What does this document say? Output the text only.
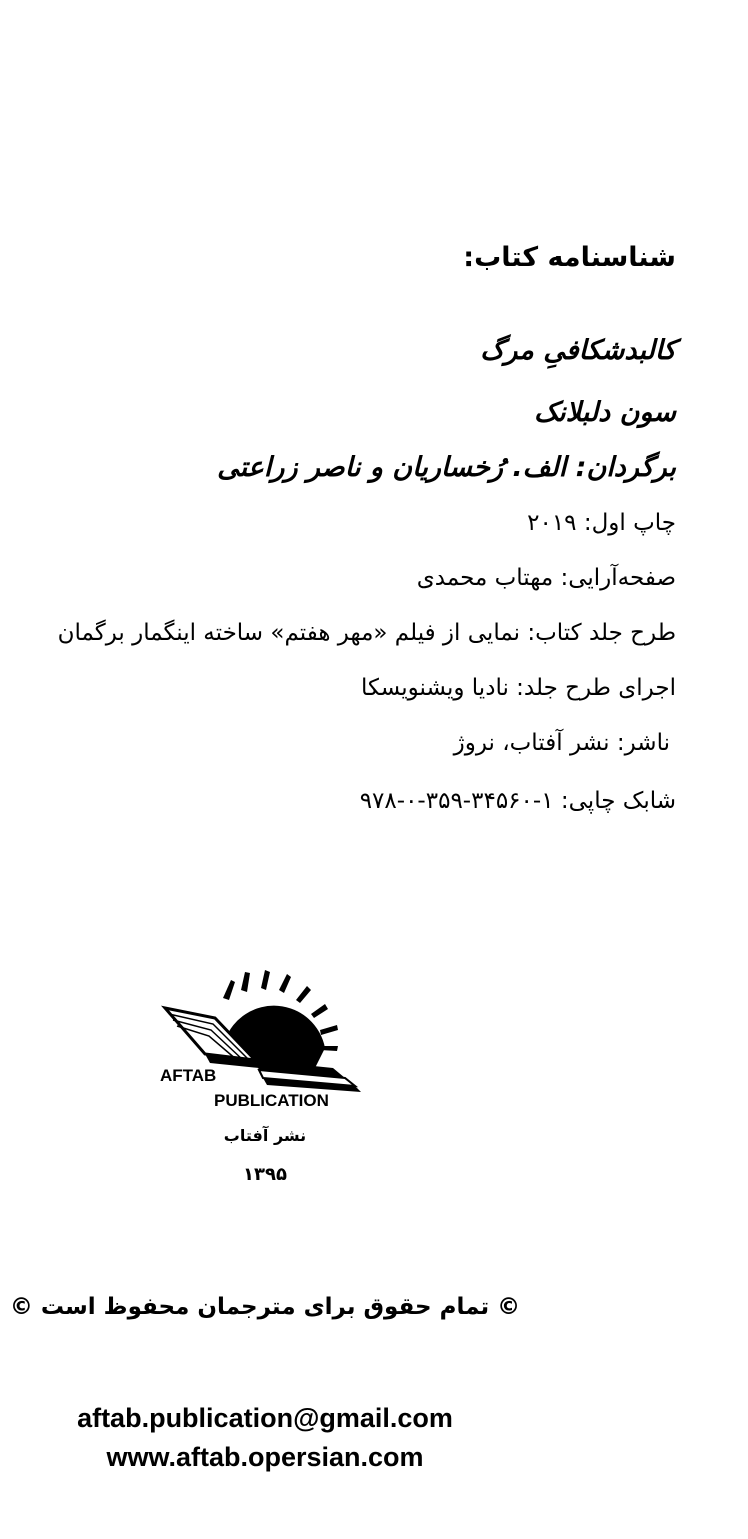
شناسنامه کتاب:
کالبدشکافیِ مرگ
سون دلبلانک
برگردان: الف. رُخساریان و ناصر زراعتی
چاپ اول: ۲۰۱۹
صفحه‌آرایی: مهتاب محمدی
طرح جلد کتاب: نمایی از فیلم «مهر هفتم» ساخته اینگمار برگمان
اجرای طرح جلد: نادیا ویشنویسکا
ناشر: نشر آفتاب، نروژ
شابک چاپی: ۱-۳۴۵۶۰-۳۵۹-۰-۹۷۸
AFTAB
PUBLICATION
نشر آفتاب
۱۳۹۵
© تمام حقوق برای مترجمان محفوظ است ©
aftab.publication@gmail.com
www.aftab.opersian.com
